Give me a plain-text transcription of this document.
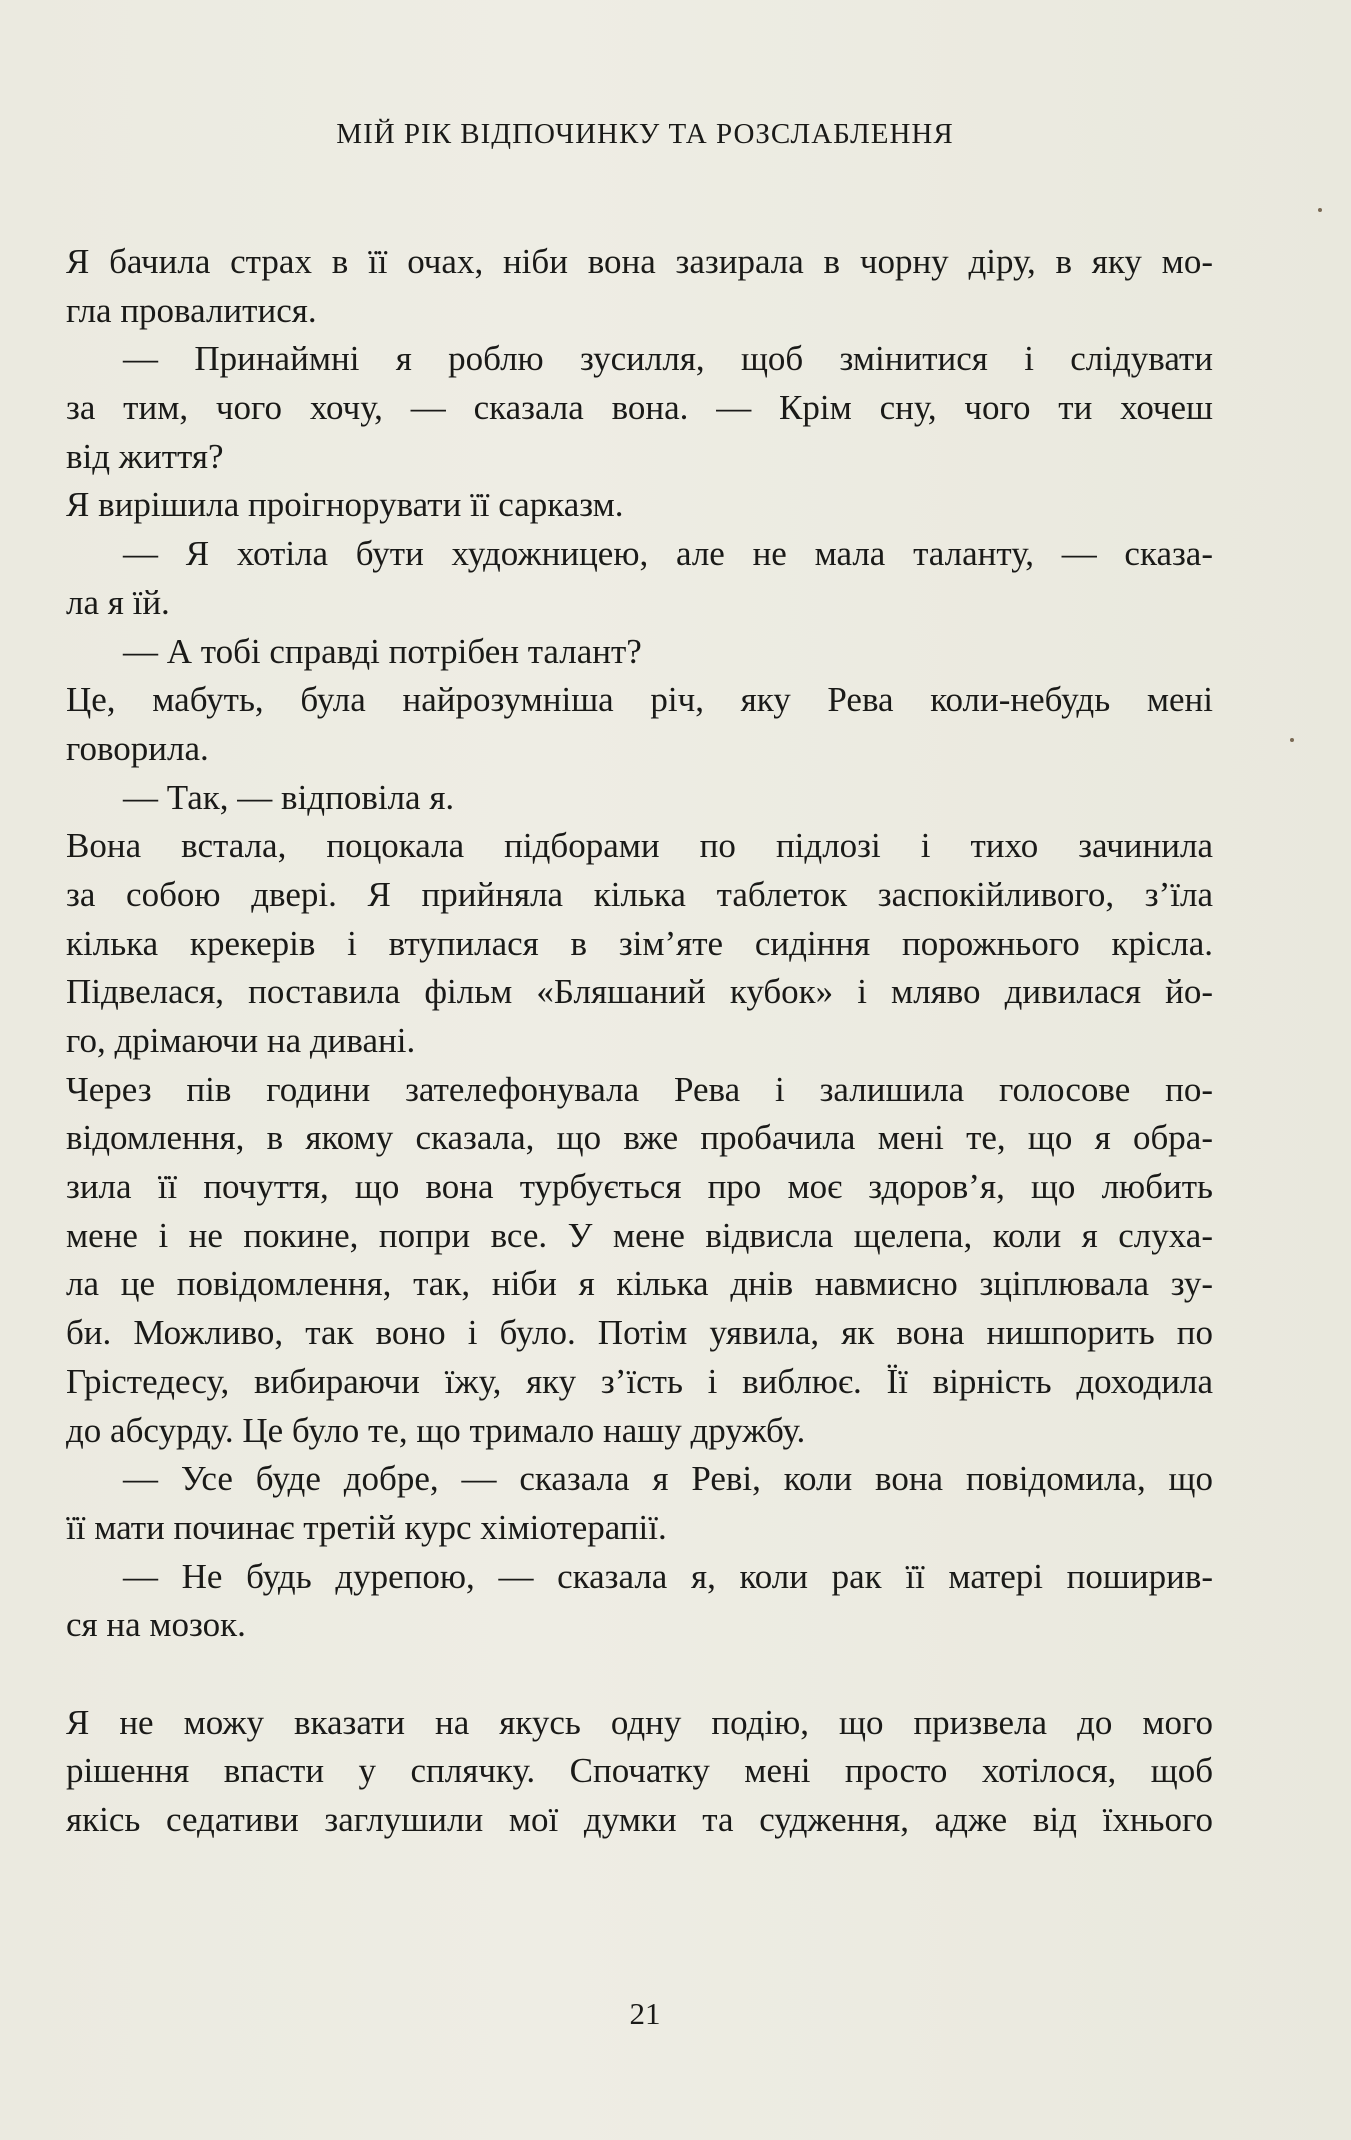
МІЙ РІК ВІДПОЧИНКУ ТА РОЗСЛАБЛЕННЯ
Я бачила страх в її очах, ніби вона зазирала в чорну діру, в яку мо-
гла провалитися.
— Принаймні я роблю зусилля, щоб змінитися і слідувати
за тим, чого хочу, — сказала вона. — Крім сну, чого ти хочеш
від життя?
Я вирішила проігнорувати її сарказм.
— Я хотіла бути художницею, але не мала таланту, — сказа-
ла я їй.
— А тобі справді потрібен талант?
Це, мабуть, була найрозумніша річ, яку Рева коли-небудь мені
говорила.
— Так, — відповіла я.
Вона встала, поцокала підборами по підлозі і тихо зачинила
за собою двері. Я прийняла кілька таблеток заспокійливого, з’їла
кілька крекерів і втупилася в зім’яте сидіння порожнього крісла.
Підвелася, поставила фільм «Бляшаний кубок» і мляво дивилася йо-
го, дрімаючи на дивані.
Через пів години зателефонувала Рева і залишила голосове по-
відомлення, в якому сказала, що вже пробачила мені те, що я обра-
зила її почуття, що вона турбується про моє здоров’я, що любить
мене і не покине, попри все. У мене відвисла щелепа, коли я слуха-
ла це повідомлення, так, ніби я кілька днів навмисно зціплювала зу-
би. Можливо, так воно і було. Потім уявила, як вона нишпорить по
Грістедесу, вибираючи їжу, яку з’їсть і виблює. Її вірність доходила
до абсурду. Це було те, що тримало нашу дружбу.
— Усе буде добре, — сказала я Реві, коли вона повідомила, що
її мати починає третій курс хіміотерапії.
— Не будь дурепою, — сказала я, коли рак її матері поширив-
ся на мозок.
Я не можу вказати на якусь одну подію, що призвела до мого
рішення впасти у сплячку. Спочатку мені просто хотілося, щоб
якісь седативи заглушили мої думки та судження, адже від їхнього
21
